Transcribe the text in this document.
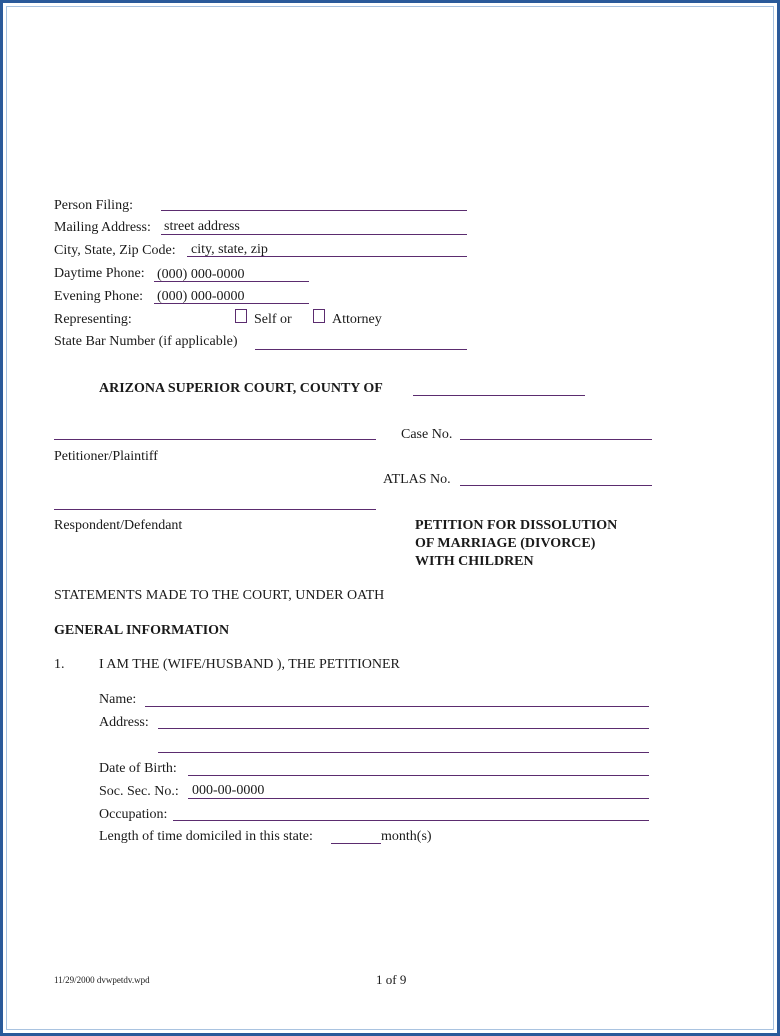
Person Filing:
Mailing Address: street address
City, State, Zip Code: city, state, zip
Daytime Phone: (000) 000-0000
Evening Phone: (000) 000-0000
Representing:	Self or	Attorney
State Bar Number (if applicable)
ARIZONA SUPERIOR COURT, COUNTY OF
Case No.
Petitioner/Plaintiff
ATLAS No.
Respondent/Defendant	PETITION FOR DISSOLUTION
OF MARRIAGE (DIVORCE)
WITH CHILDREN
STATEMENTS MADE TO THE COURT, UNDER OATH
GENERAL INFORMATION
1. I AM THE (WIFE/HUSBAND ), THE PETITIONER
Name:
Address:
Date of Birth:
Soc. Sec. No.: 000-00-0000
Occupation:
Length of time domiciled in this state:	month(s)
11/29/2000 dvwpetdv.wpd	1 of 9
